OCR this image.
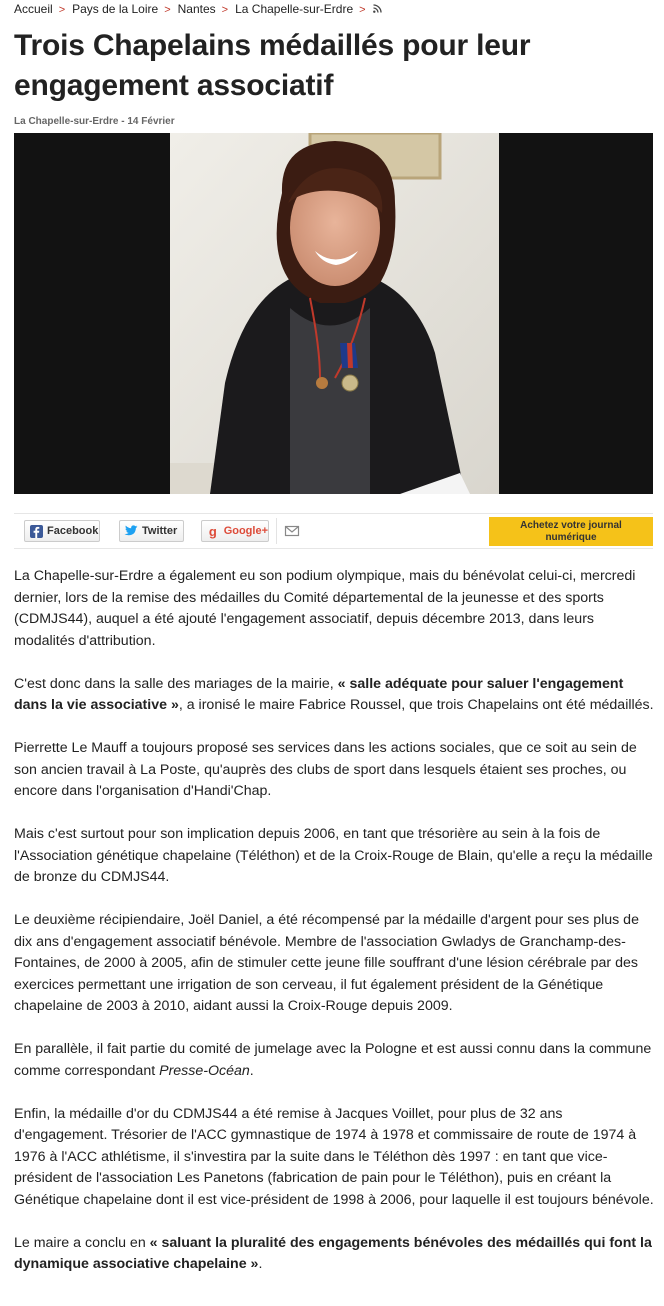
Accueil > Pays de la Loire > Nantes > La Chapelle-sur-Erdre >
Trois Chapelains médaillés pour leur engagement associatif
La Chapelle-sur-Erdre - 14 Février
Facebook	Twitter g Google+	Achetez votre journal numérique

La Chapelle-sur-Erdre a également eu son podium olympique, mais du bénévolat celui-ci, mercredi dernier, lors de la remise des médailles du Comité départemental de la jeunesse et des sports (CDMJS44), auquel a été ajouté l'engagement associatif, depuis décembre 2013, dans leurs modalités d'attribution.

C'est donc dans la salle des mariages de la mairie, « salle adéquate pour saluer l'engagement dans la vie associative », a ironisé le maire Fabrice Roussel, que trois Chapelains ont été médaillés.

Pierrette Le Mauff a toujours proposé ses services dans les actions sociales, que ce soit au sein de son ancien travail à La Poste, qu'auprès des clubs de sport dans lesquels étaient ses proches, ou encore dans l'organisation d'Handi'Chap.

Mais c'est surtout pour son implication depuis 2006, en tant que trésorière au sein à la fois de l'Association génétique chapelaine (Téléthon) et de la Croix-Rouge de Blain, qu'elle a reçu la médaille de bronze du CDMJS44.

Le deuxième récipiendaire, Joël Daniel, a été récompensé par la médaille d'argent pour ses plus de dix ans d'engagement associatif bénévole. Membre de l'association Gwladys de Granchamp-des-Fontaines, de 2000 à 2005, afin de stimuler cette jeune fille souffrant d'une lésion cérébrale par des exercices permettant une irrigation de son cerveau, il fut également président de la Génétique chapelaine de 2003 à 2010, aidant aussi la Croix-Rouge depuis 2009.

En parallèle, il fait partie du comité de jumelage avec la Pologne et est aussi connu dans la commune comme correspondant Presse-Océan.

Enfin, la médaille d'or du CDMJS44 a été remise à Jacques Voillet, pour plus de 32 ans d'engagement. Trésorier de l'ACC gymnastique de 1974 à 1978 et commissaire de route de 1974 à 1976 à l'ACC athlétisme, il s'investira par la suite dans le Téléthon dès 1997 : en tant que vice-président de l'association Les Panetons (fabrication de pain pour le Téléthon), puis en créant la Génétique chapelaine dont il est vice-président de 1998 à 2006, pour laquelle il est toujours bénévole.

Le maire a conclu en « saluant la pluralité des engagements bénévoles des médaillés qui font la dynamique associative chapelaine ».
